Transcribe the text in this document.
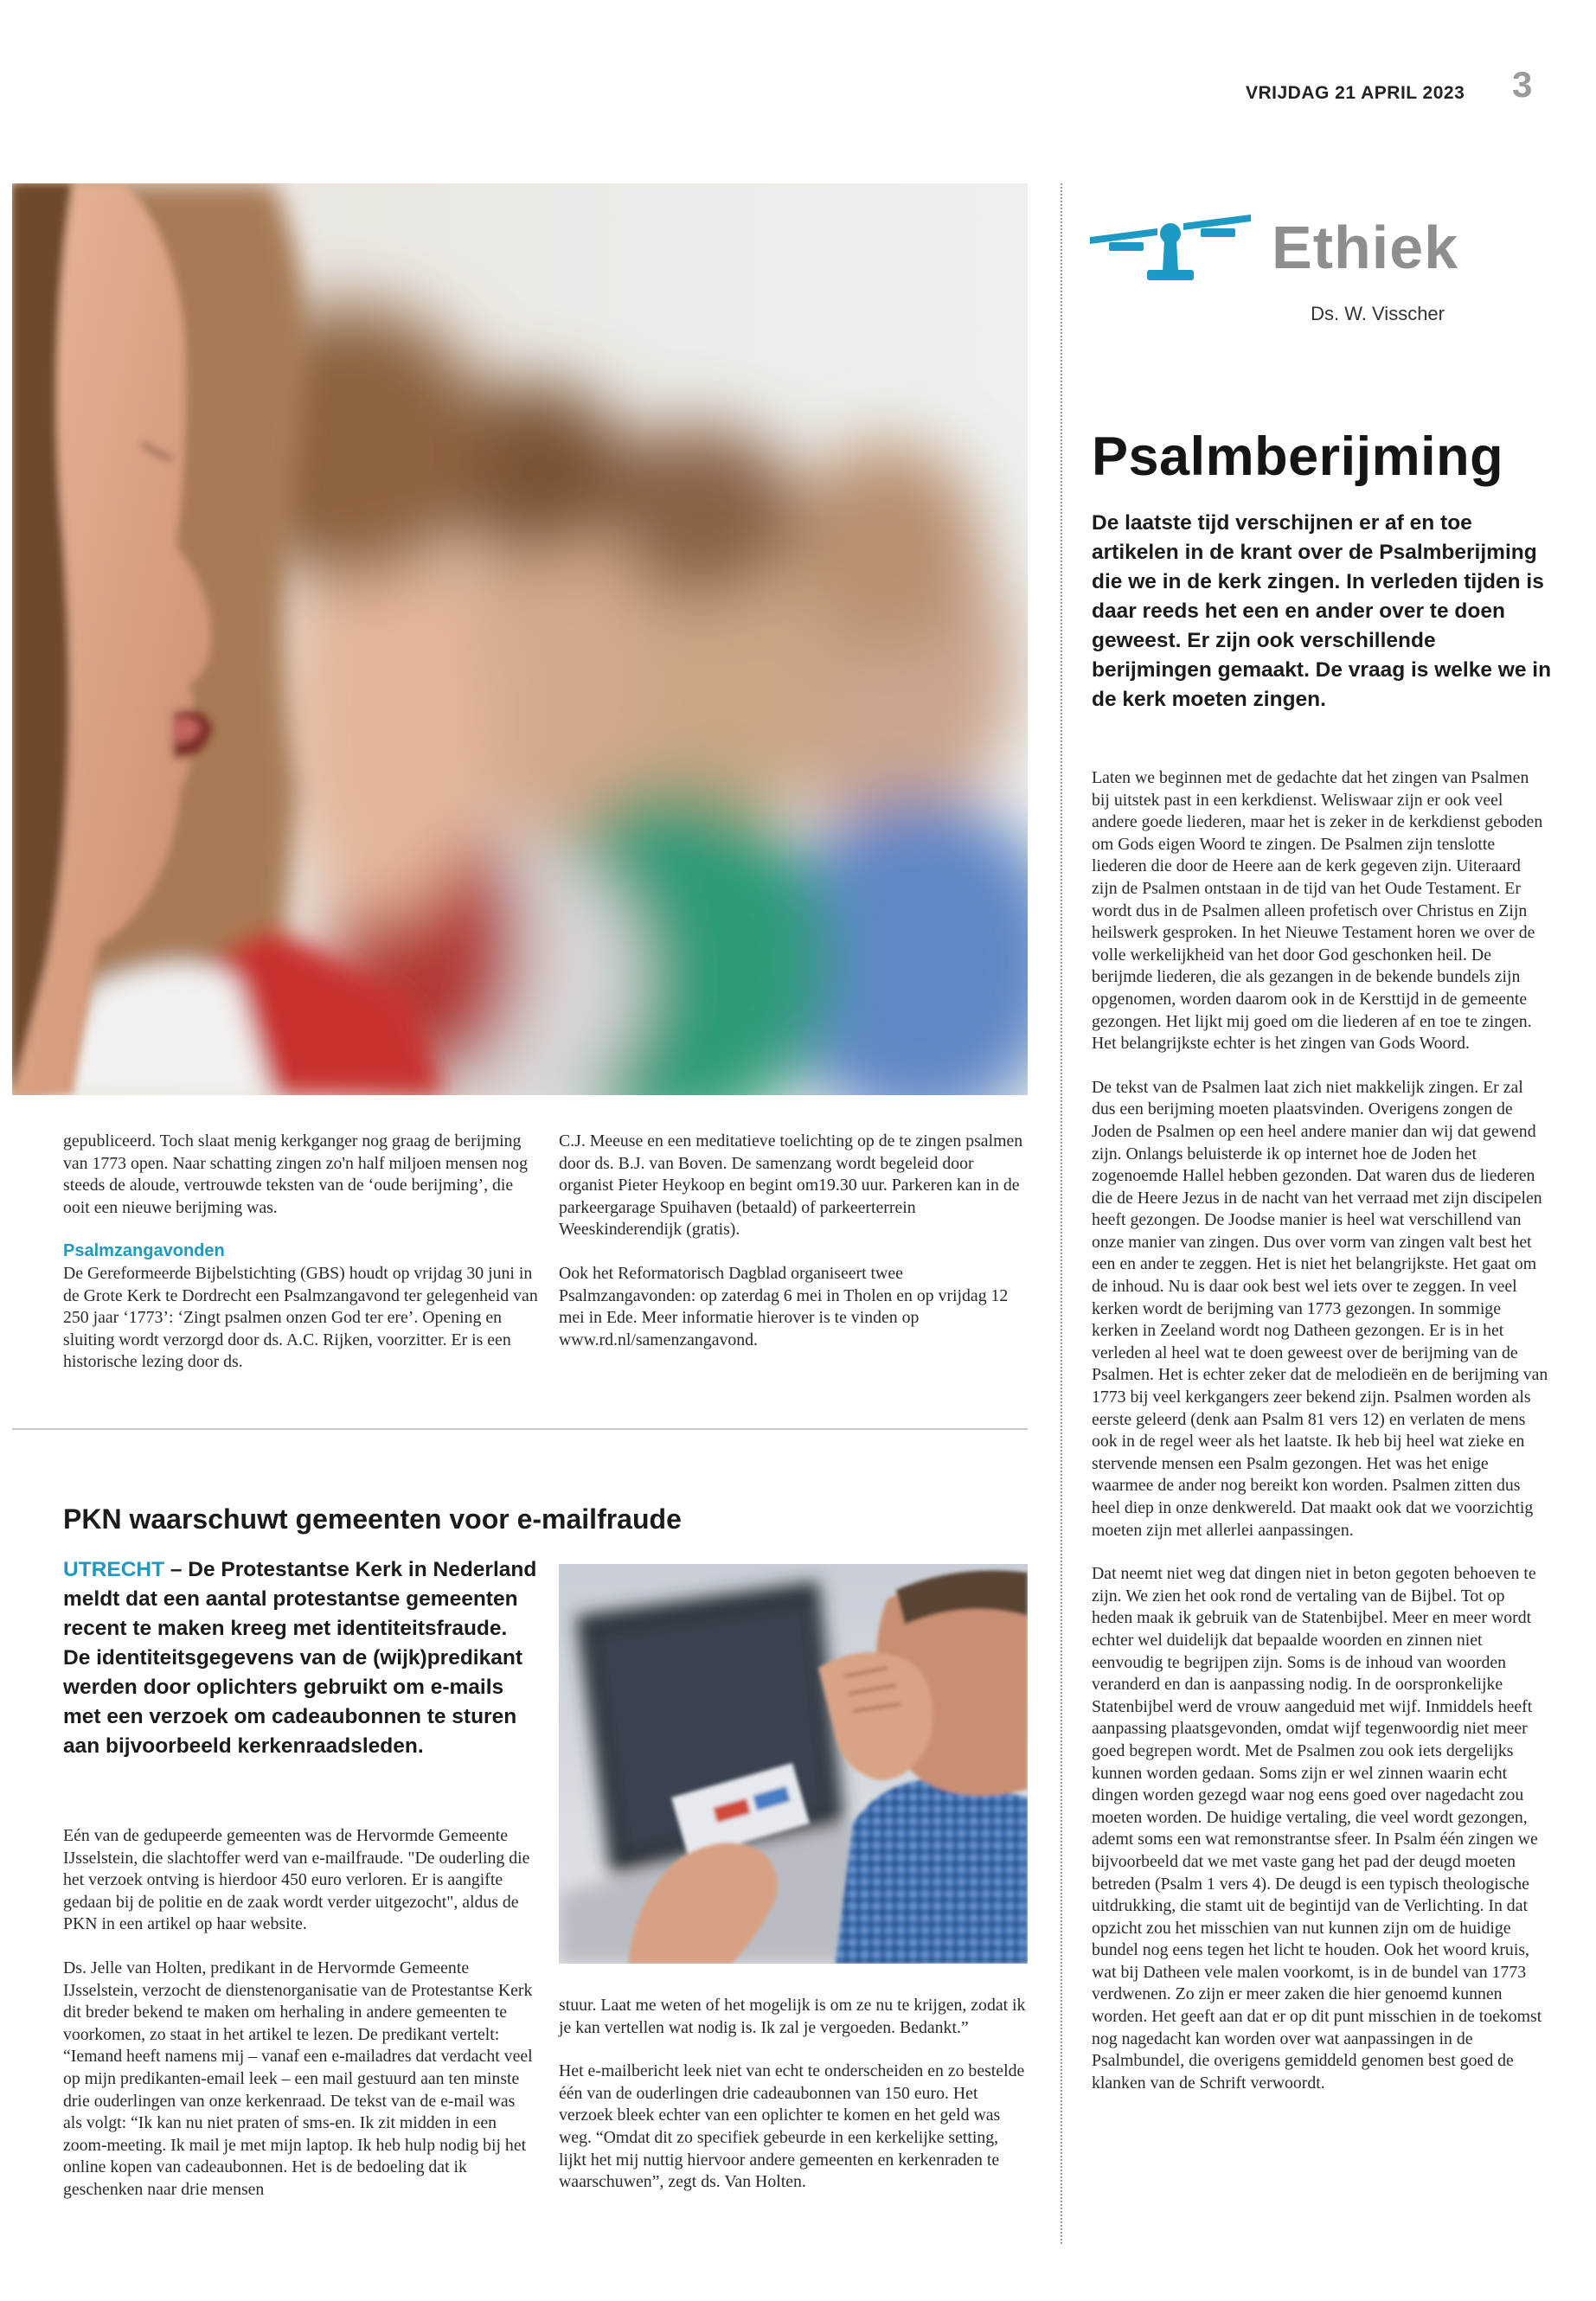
VRIJDAG 21 APRIL 2023 3
Ethiek
Ds. W. Visscher
Psalmberijming
De laatste tijd verschijnen er af en toe artikelen in de krant over de Psalmberijming die we in de kerk zingen. In verleden tijden is daar reeds het een en ander over te doen geweest. Er zijn ook verschillende berijmingen gemaakt. De vraag is welke we in de kerk moeten zingen.

Laten we beginnen met de gedachte dat het zingen van Psalmen bij uitstek past in een kerkdienst. Weliswaar zijn er ook veel andere goede liederen, maar het is zeker in de kerkdienst geboden om Gods eigen Woord te zingen. De Psalmen zijn tenslotte liederen die door de Heere aan de kerk gegeven zijn. Uiteraard zijn de Psalmen ontstaan in de tijd van het Oude Testament. Er wordt dus in de Psalmen alleen profetisch over Christus en Zijn heilswerk gesproken. In het Nieuwe Testament horen we over de volle werkelijkheid van het door God geschonken heil. De berijmde liederen, die als gezangen in de bekende bundels zijn opgenomen, worden daarom ook in de Kersttijd in de gemeente gezongen. Het lijkt mij goed om die liederen af en toe te zingen. Het belangrijkste echter is het zingen van Gods Woord.

De tekst van de Psalmen laat zich niet makkelijk zingen. Er zal dus een berijming moeten plaatsvinden. Overigens zongen de Joden de Psalmen op een heel andere manier dan wij dat gewend zijn. Onlangs beluisterde ik op internet hoe de Joden het zogenoemde Hallel hebben gezonden. Dat waren dus de liederen die de Heere Jezus in de nacht van het verraad met zijn discipelen heeft gezongen. De Joodse manier is heel wat verschillend van onze manier van zingen. Dus over vorm van zingen valt best het een en ander te zeggen. Het is niet het belangrijkste. Het gaat om de inhoud. Nu is daar ook best wel iets over te zeggen. In veel kerken wordt de berijming van 1773 gezongen. In sommige kerken in Zeeland wordt nog Datheen gezongen. Er is in het verleden al heel wat te doen geweest over de berijming van de Psalmen. Het is echter zeker dat de melodieën en de berijming van 1773 bij veel kerkgangers zeer bekend zijn. Psalmen worden als eerste geleerd (denk aan Psalm 81 vers 12) en verlaten de mens ook in de regel weer als het laatste. Ik heb bij heel wat zieke en stervende mensen een Psalm gezongen. Het was het enige waarmee de ander nog bereikt kon worden. Psalmen zitten dus heel diep in onze denkwereld. Dat maakt ook dat we voorzichtig moeten zijn met allerlei aanpassingen.

Dat neemt niet weg dat dingen niet in beton gegoten behoeven te zijn. We zien het ook rond de vertaling van de Bijbel. Tot op heden maak ik gebruik van de Statenbijbel. Meer en meer wordt echter wel duidelijk dat bepaalde woorden en zinnen niet eenvoudig te begrijpen zijn. Soms is de inhoud van woorden veranderd en dan is aanpassing nodig. In de oorspronkelijke Statenbijbel werd de vrouw aangeduid met wijf. Inmiddels heeft aanpassing plaatsgevonden, omdat wijf tegenwoordig niet meer goed begrepen wordt. Met de Psalmen zou ook iets dergelijks kunnen worden gedaan. Soms zijn er wel zinnen waarin echt dingen worden gezegd waar nog eens goed over nagedacht zou moeten worden. De huidige vertaling, die veel wordt gezongen, ademt soms een wat remonstrantse sfeer. In Psalm één zingen we bijvoorbeeld dat we met vaste gang het pad der deugd moeten betreden (Psalm 1 vers 4). De deugd is een typisch theologische uitdrukking, die stamt uit de begintijd van de Verlichting. In dat opzicht zou het misschien van nut kunnen zijn om de huidige bundel nog eens tegen het licht te houden. Ook het woord kruis, wat bij Datheen vele malen voorkomt, is in de bundel van 1773 verdwenen. Zo zijn er meer zaken die hier genoemd kunnen worden. Het geeft aan dat er op dit punt misschien in de toekomst nog nagedacht kan worden over wat aanpassingen in de Psalmbundel, die overigens gemiddeld genomen best goed de klanken van de Schrift verwoordt.

gepubliceerd. Toch slaat menig kerkganger nog graag de berijming van 1773 open. Naar schatting zingen zo'n half miljoen mensen nog steeds de aloude, vertrouwde teksten van de ‘oude berijming’, die ooit een nieuwe berijming was.

Psalmzangavonden

De Gereformeerde Bijbelstichting (GBS) houdt op vrijdag 30 juni in de Grote Kerk te Dordrecht een Psalmzangavond ter gelegenheid van 250 jaar ‘1773’: ‘Zingt psalmen onzen God ter ere’. Opening en sluiting wordt verzorgd door ds. A.C. Rijken, voorzitter. Er is een historische lezing door ds.

C.J. Meeuse en een meditatieve toelichting op de te zingen psalmen door ds. B.J. van Boven. De samenzang wordt begeleid door organist Pieter Heykoop en begint om19.30 uur. Parkeren kan in de parkeergarage Spuihaven (betaald) of parkeerterrein Weeskinderendijk (gratis).

Ook het Reformatorisch Dagblad organiseert twee Psalmzangavonden: op zaterdag 6 mei in Tholen en op vrijdag 12 mei in Ede. Meer informatie hierover is te vinden op www.rd.nl/samenzangavond.

PKN waarschuwt gemeenten voor e-mailfraude
UTRECHT – De Protestantse Kerk in Nederland meldt dat een aantal protestantse gemeenten recent te maken kreeg met identiteitsfraude. De identiteitsgegevens van de (wijk)predikant werden door oplichters gebruikt om e-mails met een verzoek om cadeaubonnen te sturen aan bijvoorbeeld kerkenraadsleden.

Eén van de gedupeerde gemeenten was de Hervormde Gemeente IJsselstein, die slachtoffer werd van e-mailfraude. "De ouderling die het verzoek ontving is hierdoor 450 euro verloren. Er is aangifte gedaan bij de politie en de zaak wordt verder uitgezocht", aldus de PKN in een artikel op haar website.

Ds. Jelle van Holten, predikant in de Hervormde Gemeente IJsselstein, verzocht de dienstenorganisatie van de Protestantse Kerk dit breder bekend te maken om herhaling in andere gemeenten te voorkomen, zo staat in het artikel te lezen. De predikant vertelt: “Iemand heeft namens mij – vanaf een e-mailadres dat verdacht veel op mijn predikanten-email leek – een mail gestuurd aan ten minste drie ouderlingen van onze kerkenraad. De tekst van de e-mail was als volgt: “Ik kan nu niet praten of sms-en. Ik zit midden in een zoom-meeting. Ik mail je met mijn laptop. Ik heb hulp nodig bij het online kopen van cadeaubonnen. Het is de bedoeling dat ik geschenken naar drie mensen

stuur. Laat me weten of het mogelijk is om ze nu te krijgen, zodat ik je kan vertellen wat nodig is. Ik zal je vergoeden. Bedankt.”

Het e-mailbericht leek niet van echt te onderscheiden en zo bestelde één van de ouderlingen drie cadeaubonnen van 150 euro. Het verzoek bleek echter van een oplichter te komen en het geld was weg. “Omdat dit zo specifiek gebeurde in een kerkelijke setting, lijkt het mij nuttig hiervoor andere gemeenten en kerkenraden te waarschuwen”, zegt ds. Van Holten.
